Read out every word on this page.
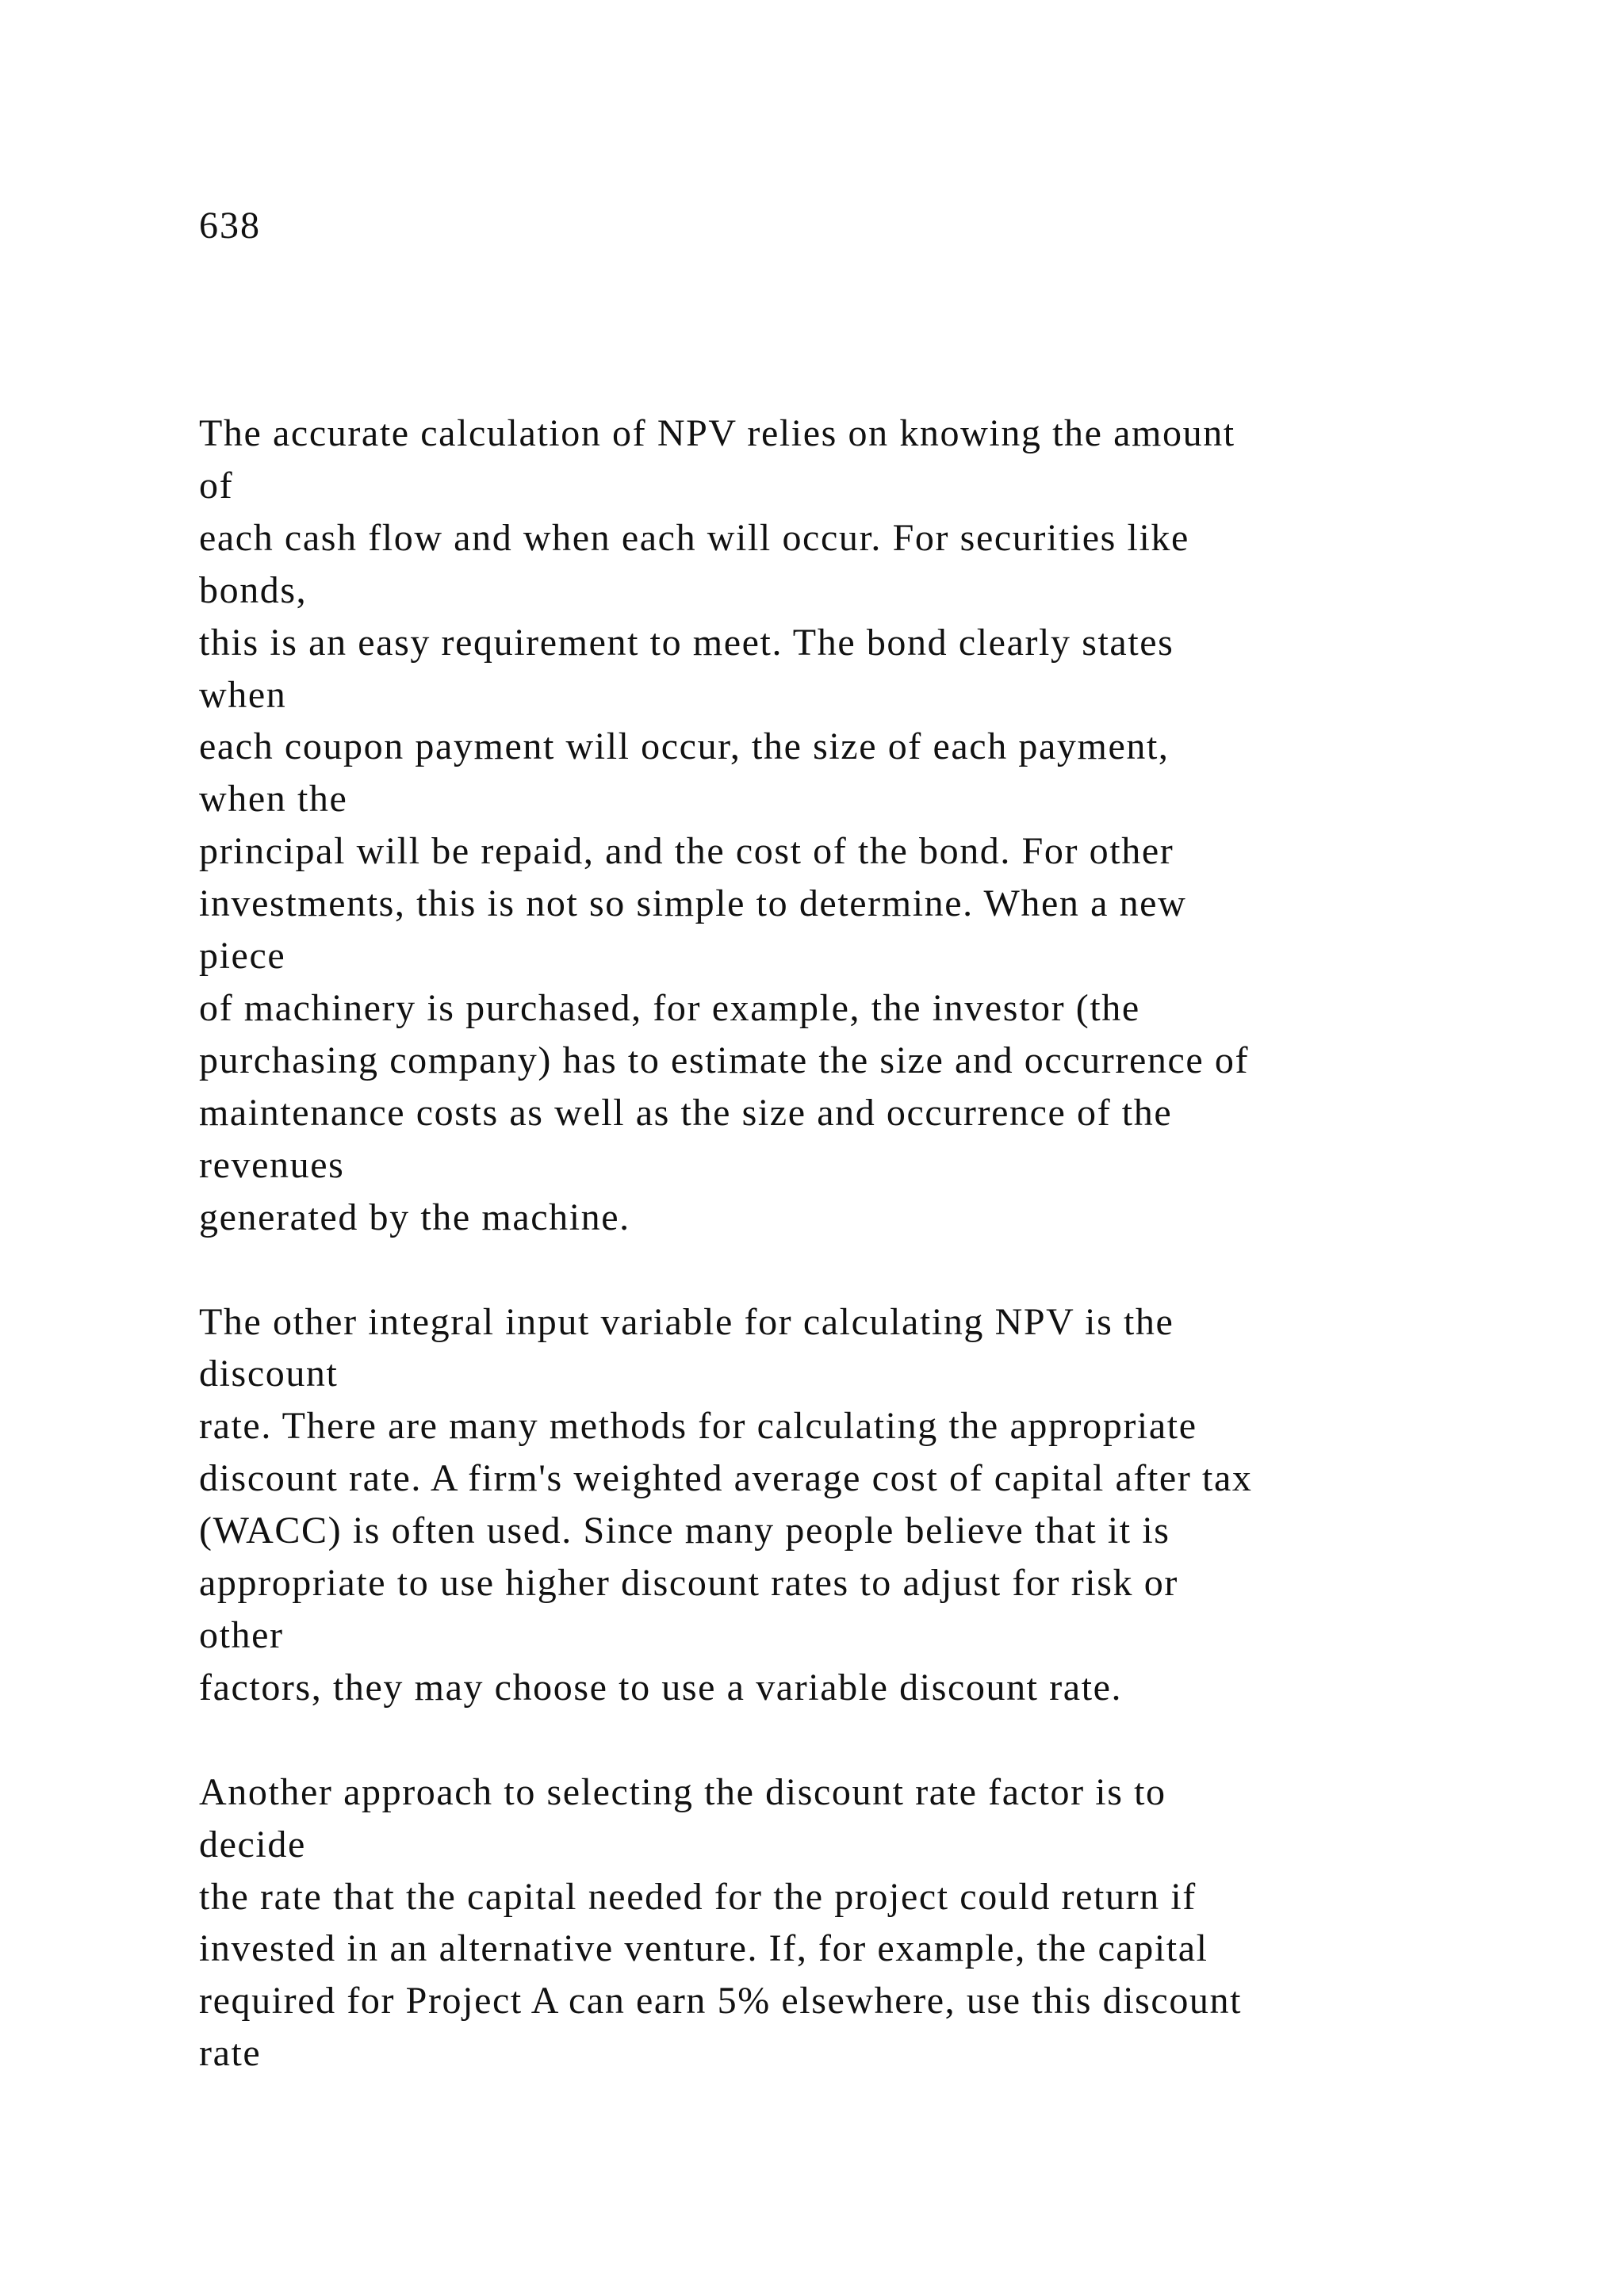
638

The accurate calculation of NPV relies on knowing the amount
of
each cash flow and when each will occur. For securities like
bonds,
this is an easy requirement to meet. The bond clearly states
when
each coupon payment will occur, the size of each payment,
when the
principal will be repaid, and the cost of the bond. For other
investments, this is not so simple to determine. When a new
piece
of machinery is purchased, for example, the investor (the
purchasing company) has to estimate the size and occurrence of
maintenance costs as well as the size and occurrence of the
revenues
generated by the machine.

The other integral input variable for calculating NPV is the
discount
rate. There are many methods for calculating the appropriate
discount rate. A firm's weighted average cost of capital after tax
(WACC) is often used. Since many people believe that it is
appropriate to use higher discount rates to adjust for risk or
other
factors, they may choose to use a variable discount rate.

Another approach to selecting the discount rate factor is to
decide
the rate that the capital needed for the project could return if
invested in an alternative venture. If, for example, the capital
required for Project A can earn 5% elsewhere, use this discount
rate
